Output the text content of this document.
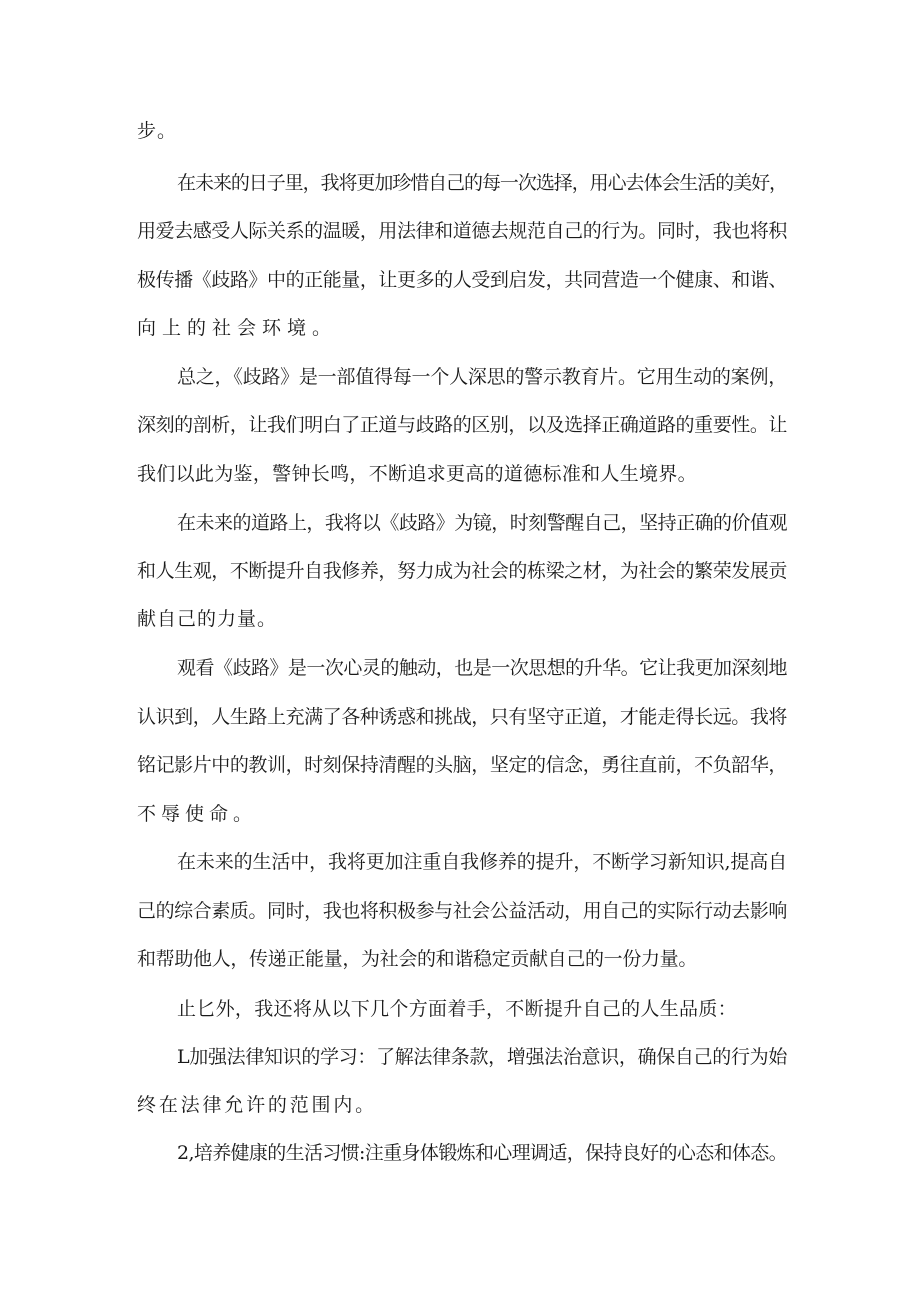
步。

在未来的日子里，我将更加珍惜自己的每一次选择，用心去体会生活的美好，

用爱去感受人际关系的温暖，用法律和道德去规范自己的行为。同时，我也将积

极传播《歧路》中的正能量，让更多的人受到启发，共同营造一个健康、和谐、

向上的社会环境。

总之，《歧路》是一部值得每一个人深思的警示教育片。它用生动的案例，

深刻的剖析，让我们明白了正道与歧路的区别，以及选择正确道路的重要性。让

我们以此为鉴，警钟长鸣，不断追求更高的道德标准和人生境界。

在未来的道路上，我将以《歧路》为镜，时刻警醒自己，坚持正确的价值观

和人生观，不断提升自我修养，努力成为社会的栋梁之材，为社会的繁荣发展贡

献自己的力量。

观看《歧路》是一次心灵的触动，也是一次思想的升华。它让我更加深刻地

认识到，人生路上充满了各种诱惑和挑战，只有坚守正道，才能走得长远。我将

铭记影片中的教训，时刻保持清醒的头脑，坚定的信念，勇往直前，不负韶华，

不辱使命。

在未来的生活中，我将更加注重自我修养的提升，不断学习新知识,提高自

己的综合素质。同时，我也将积极参与社会公益活动，用自己的实际行动去影响

和帮助他人，传递正能量，为社会的和谐稳定贡献自己的一份力量。

止匕外，我还将从以下几个方面着手，不断提升自己的人生品质：

L加强法律知识的学习：了解法律条款，增强法治意识，确保自己的行为始

终在法律允许的范围内。

2,培养健康的生活习惯:注重身体锻炼和心理调适，保持良好的心态和体态。
